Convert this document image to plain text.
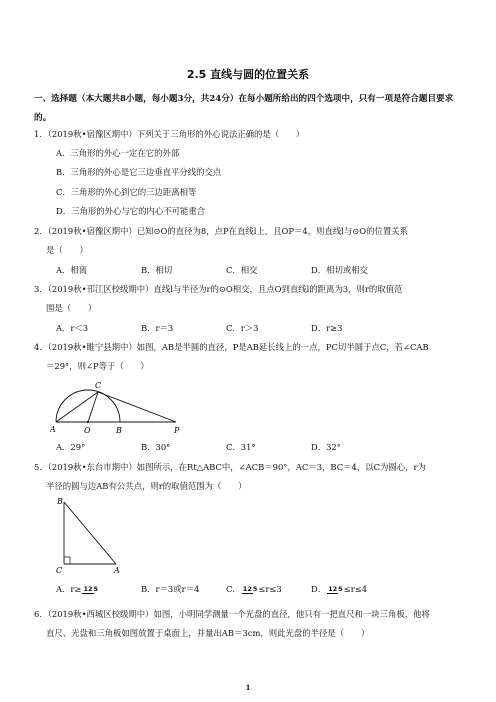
2.5 直线与圆的位置关系
一、选择题（本大题共8小题，每小题3分，共24分）在每小题所给出的四个选项中，只有一项是符合题目要求的。
1．（2019秋•宿豫区期中）下列关于三角形的外心说法正确的是（　　）
A．三角形的外心一定在它的外部
B．三角形的外心是它三边垂直平分线的交点
C．三角形的外心到它的三边距离相等
D．三角形的外心与它的内心不可能重合
2．（2019秋•宿豫区期中）已知⊙O的直径为8，点P在直线l上，且OP＝4，则直线l与⊙O的位置关系
是（　　）
A．相离	B．相切	C．相交	D．相切或相交
3．（2019秋•邗江区校级期中）直线l与半径为r的⊙O相交，且点O到直线l的距离为3，则r的取值范
围是（　　）
A．r＜3	B．r＝3	C．r＞3	D．r≥3
4．（2019秋•睢宁县期中）如图，AB是半圆的直径，P是AB延长线上的一点，PC切半圆于点C，若∠CAB
＝29°，则∠P等于（　　）
A	O	B	P
C
A．29°	B．30°	C．31°	D．32°
5．（2019秋•东台市期中）如图所示，在Rt△ABC中，∠ACB＝90°，AC＝3，BC＝4，以C为圆心，r为
半径的圆与边AB有公共点，则r的取值范围为（　　）
B
C	A
A．r≥ 125	B．r＝3或r＝4	C． 125≤r≤3	D． 125≤r≤4
6．（2019秋•西城区校级期中）如图，小明同学测量一个光盘的直径，他只有一把直尺和一块三角板，他将
直尺、光盘和三角板如图放置于桌面上，并量出AB＝3cm，则此光盘的半径是（　　）
1
